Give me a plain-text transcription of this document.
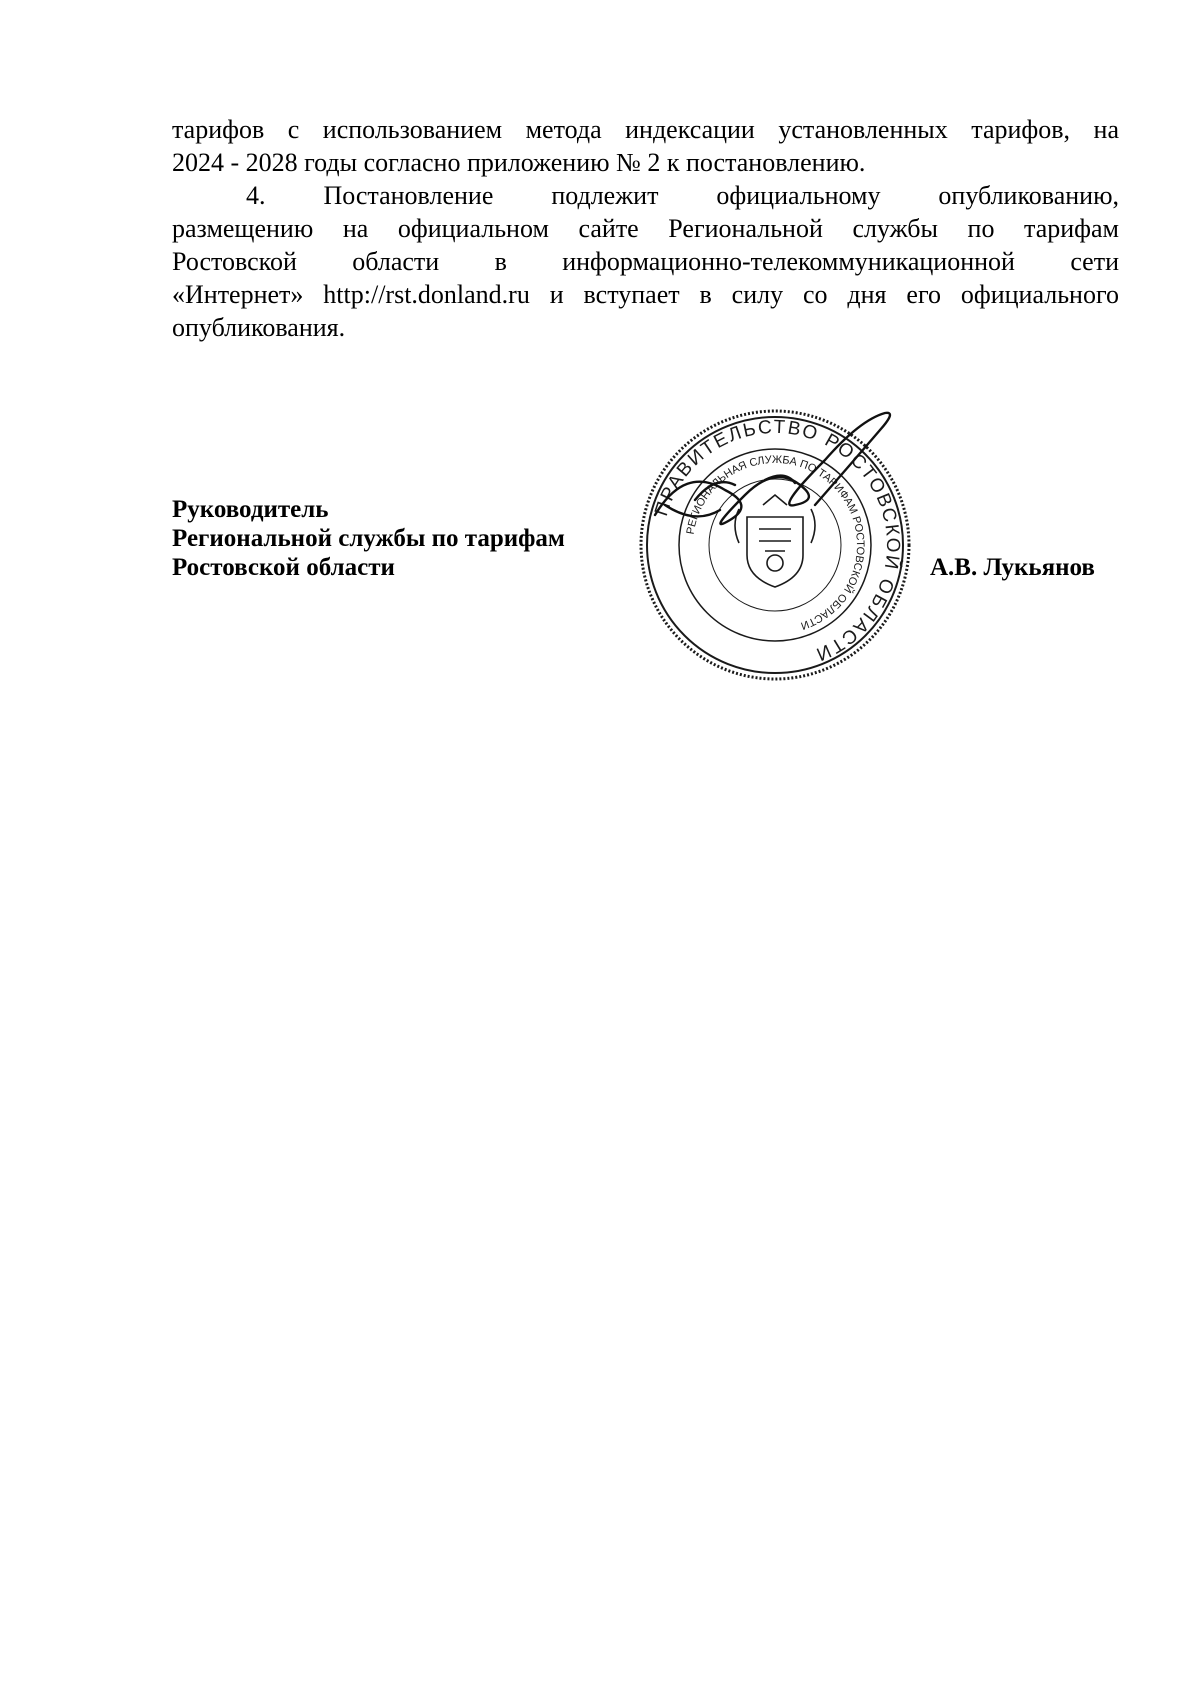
тарифов с использованием метода индексации установленных тарифов, на

2024 - 2028 годы согласно приложению № 2 к постановлению.

4. Постановление подлежит официальному опубликованию,

размещению на официальном сайте Региональной службы по тарифам

Ростовской области в информационно-телекоммуникационной сети

«Интернет» http://rst.donland.ru и вступает в силу со дня его официального

опубликования.

Руководитель
Региональной службы по тарифам
Ростовской области	А.В. Лукьянов
ПРАВИТЕЛЬСТВО РОСТОВСКОЙ ОБЛАСТИ
РЕГИОНАЛЬНАЯ СЛУЖБА ПО ТАРИФАМ РОСТОВСКОЙ ОБЛАСТИ
